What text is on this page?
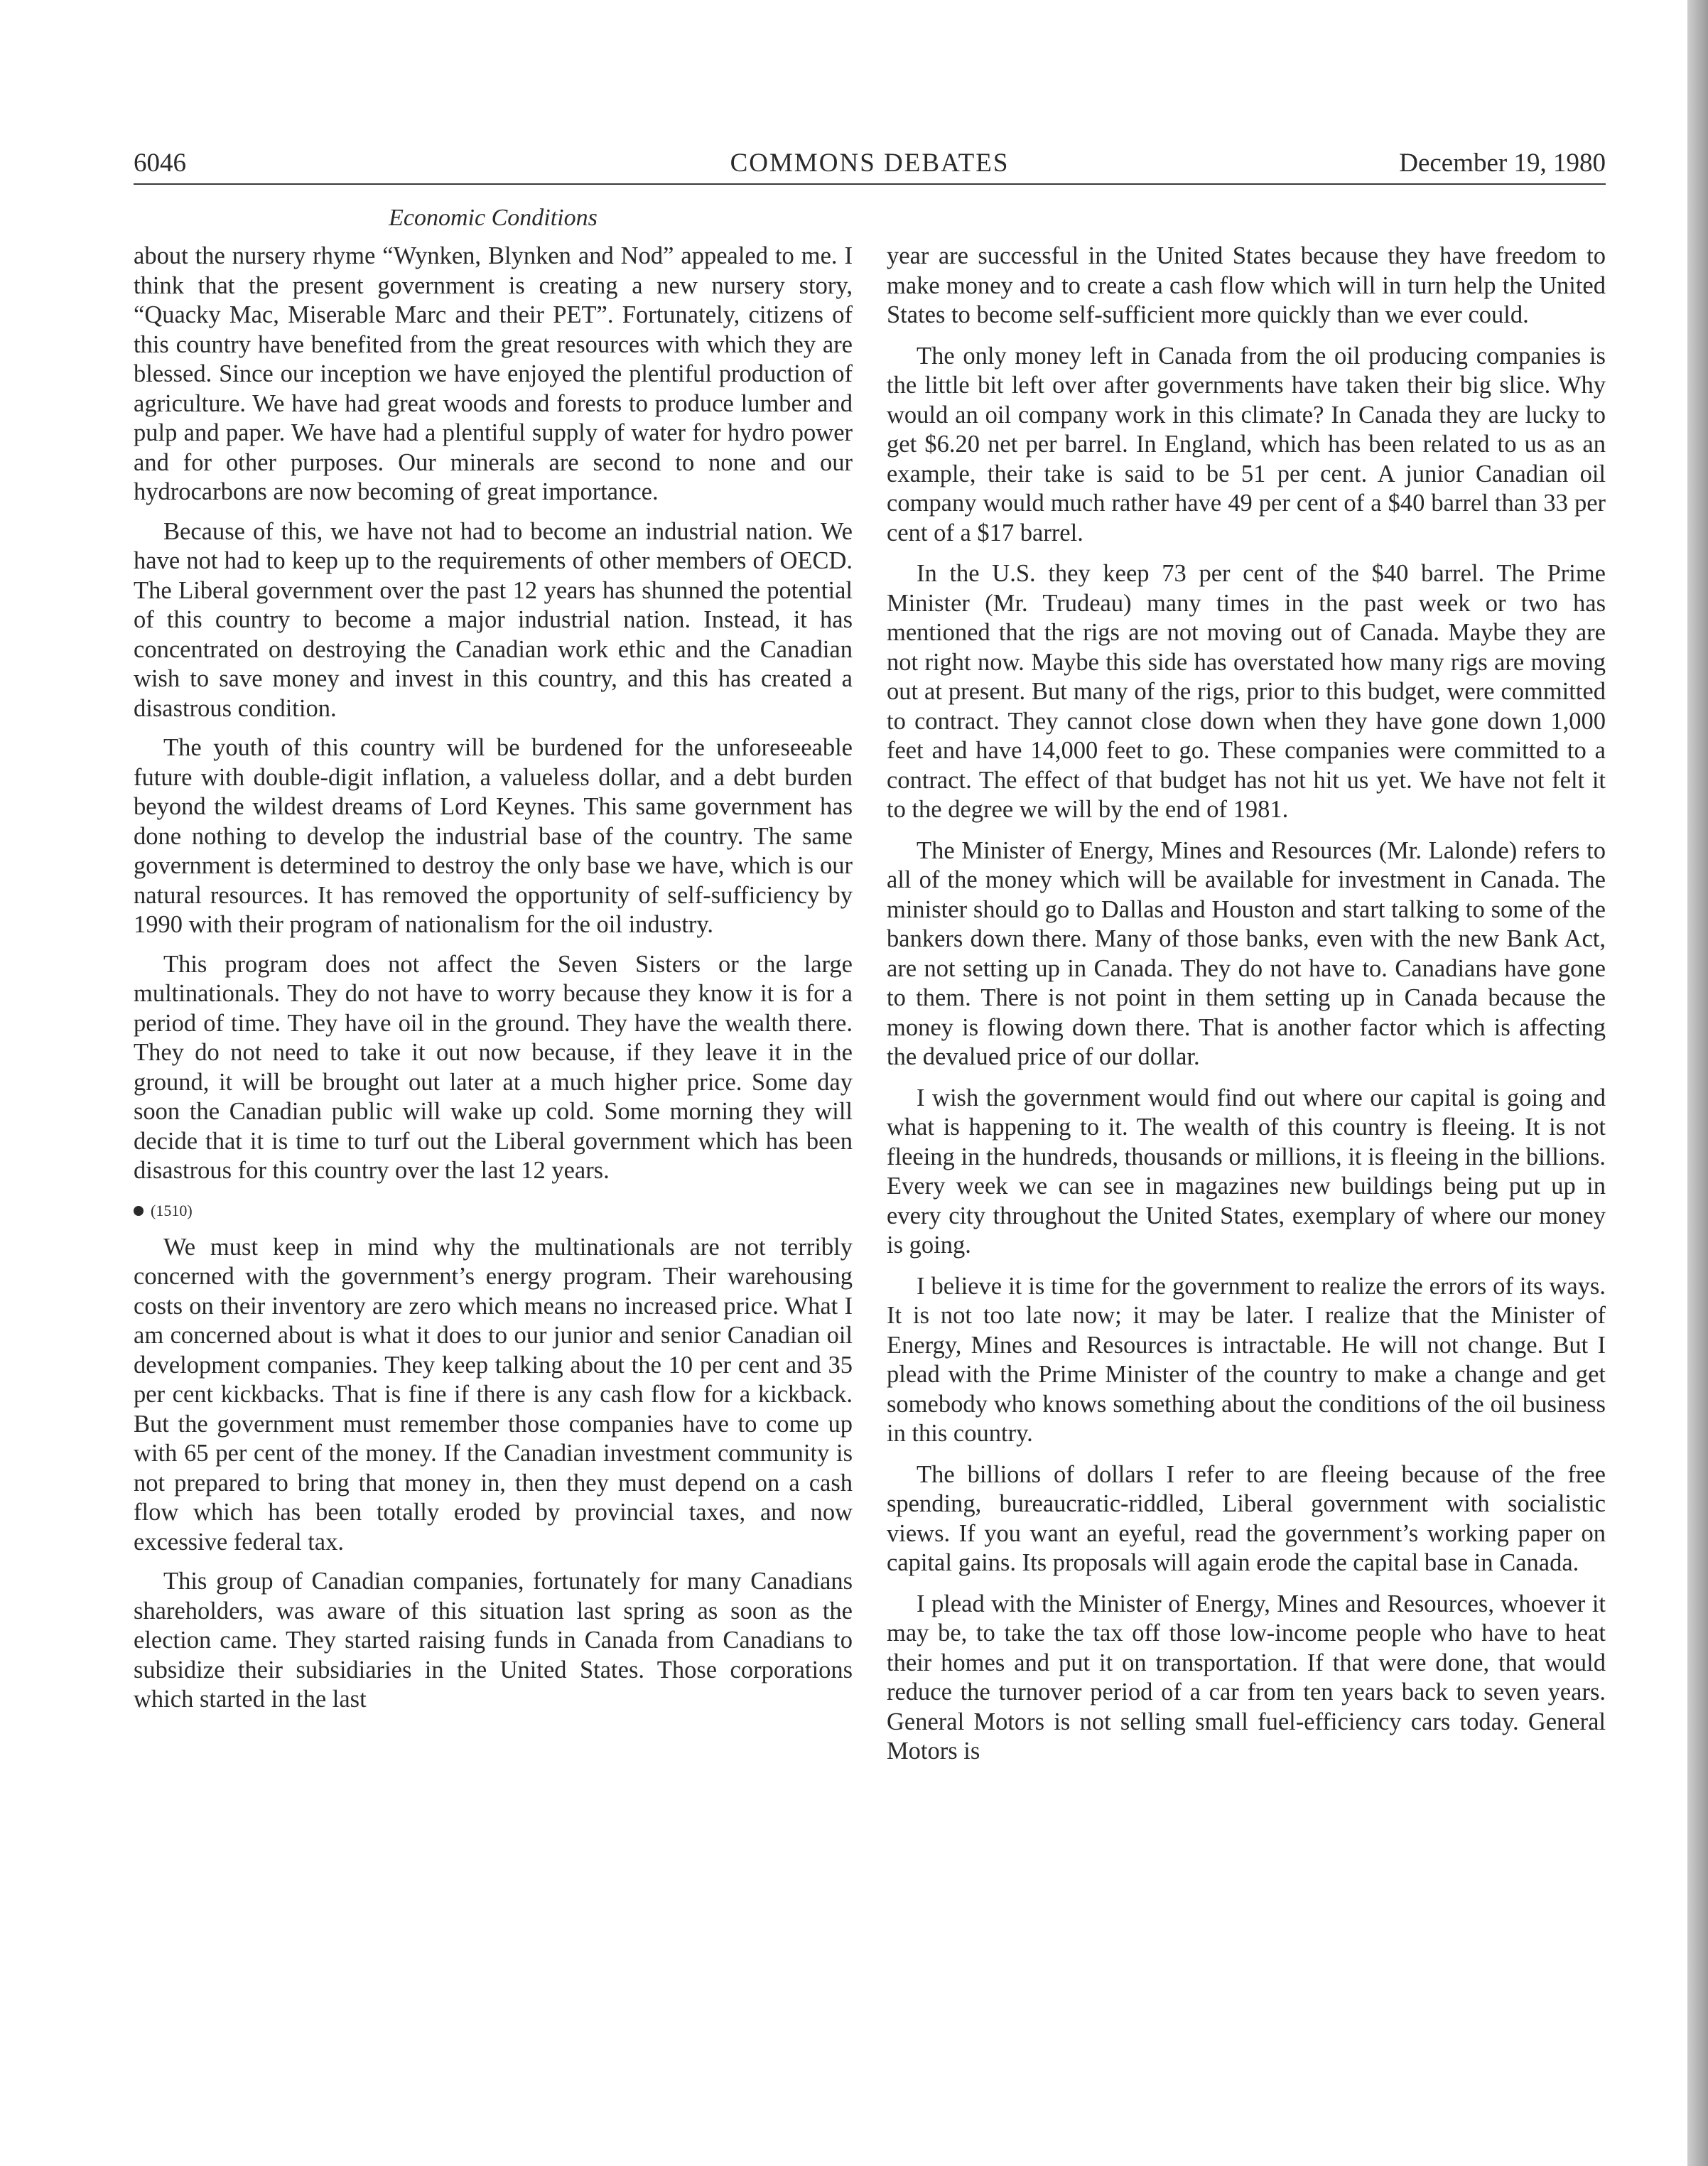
6046	COMMONS DEBATES	December 19, 1980
Economic Conditions

about the nursery rhyme “Wynken, Blynken and Nod” appealed to me. I think that the present government is creating a new nursery story, “Quacky Mac, Miserable Marc and their PET”. Fortunately, citizens of this country have benefited from the great resources with which they are blessed. Since our inception we have enjoyed the plentiful production of agriculture. We have had great woods and forests to produce lumber and pulp and paper. We have had a plentiful supply of water for hydro power and for other purposes. Our minerals are second to none and our hydrocarbons are now becoming of great importance.

Because of this, we have not had to become an industrial nation. We have not had to keep up to the requirements of other members of OECD. The Liberal government over the past 12 years has shunned the potential of this country to become a major industrial nation. Instead, it has concentrated on destroying the Canadian work ethic and the Canadian wish to save money and invest in this country, and this has created a disastrous condition.

The youth of this country will be burdened for the unforeseeable future with double-digit inflation, a valueless dollar, and a debt burden beyond the wildest dreams of Lord Keynes. This same government has done nothing to develop the industrial base of the country. The same government is determined to destroy the only base we have, which is our natural resources. It has removed the opportunity of self-sufficiency by 1990 with their program of nationalism for the oil industry.

This program does not affect the Seven Sisters or the large multinationals. They do not have to worry because they know it is for a period of time. They have oil in the ground. They have the wealth there. They do not need to take it out now because, if they leave it in the ground, it will be brought out later at a much higher price. Some day soon the Canadian public will wake up cold. Some morning they will decide that it is time to turf out the Liberal government which has been disastrous for this country over the last 12 years.

(1510)

We must keep in mind why the multinationals are not terribly concerned with the government’s energy program. Their warehousing costs on their inventory are zero which means no increased price. What I am concerned about is what it does to our junior and senior Canadian oil development companies. They keep talking about the 10 per cent and 35 per cent kickbacks. That is fine if there is any cash flow for a kickback. But the government must remember those companies have to come up with 65 per cent of the money. If the Canadian investment community is not prepared to bring that money in, then they must depend on a cash flow which has been totally eroded by provincial taxes, and now excessive federal tax.

This group of Canadian companies, fortunately for many Canadians shareholders, was aware of this situation last spring as soon as the election came. They started raising funds in Canada from Canadians to subsidize their subsidiaries in the United States. Those corporations which started in the last

year are successful in the United States because they have freedom to make money and to create a cash flow which will in turn help the United States to become self-sufficient more quickly than we ever could.

The only money left in Canada from the oil producing companies is the little bit left over after governments have taken their big slice. Why would an oil company work in this climate? In Canada they are lucky to get $6.20 net per barrel. In England, which has been related to us as an example, their take is said to be 51 per cent. A junior Canadian oil company would much rather have 49 per cent of a $40 barrel than 33 per cent of a $17 barrel.

In the U.S. they keep 73 per cent of the $40 barrel. The Prime Minister (Mr. Trudeau) many times in the past week or two has mentioned that the rigs are not moving out of Canada. Maybe they are not right now. Maybe this side has overstated how many rigs are moving out at present. But many of the rigs, prior to this budget, were committed to contract. They cannot close down when they have gone down 1,000 feet and have 14,000 feet to go. These companies were committed to a contract. The effect of that budget has not hit us yet. We have not felt it to the degree we will by the end of 1981.

The Minister of Energy, Mines and Resources (Mr. Lalonde) refers to all of the money which will be available for investment in Canada. The minister should go to Dallas and Houston and start talking to some of the bankers down there. Many of those banks, even with the new Bank Act, are not setting up in Canada. They do not have to. Canadians have gone to them. There is not point in them setting up in Canada because the money is flowing down there. That is another factor which is affecting the devalued price of our dollar.

I wish the government would find out where our capital is going and what is happening to it. The wealth of this country is fleeing. It is not fleeing in the hundreds, thousands or millions, it is fleeing in the billions. Every week we can see in magazines new buildings being put up in every city throughout the United States, exemplary of where our money is going.

I believe it is time for the government to realize the errors of its ways. It is not too late now; it may be later. I realize that the Minister of Energy, Mines and Resources is intractable. He will not change. But I plead with the Prime Minister of the country to make a change and get somebody who knows something about the conditions of the oil business in this country.

The billions of dollars I refer to are fleeing because of the free spending, bureaucratic-riddled, Liberal government with socialistic views. If you want an eyeful, read the government’s working paper on capital gains. Its proposals will again erode the capital base in Canada.

I plead with the Minister of Energy, Mines and Resources, whoever it may be, to take the tax off those low-income people who have to heat their homes and put it on transportation. If that were done, that would reduce the turnover period of a car from ten years back to seven years. General Motors is not selling small fuel-efficiency cars today. General Motors is
